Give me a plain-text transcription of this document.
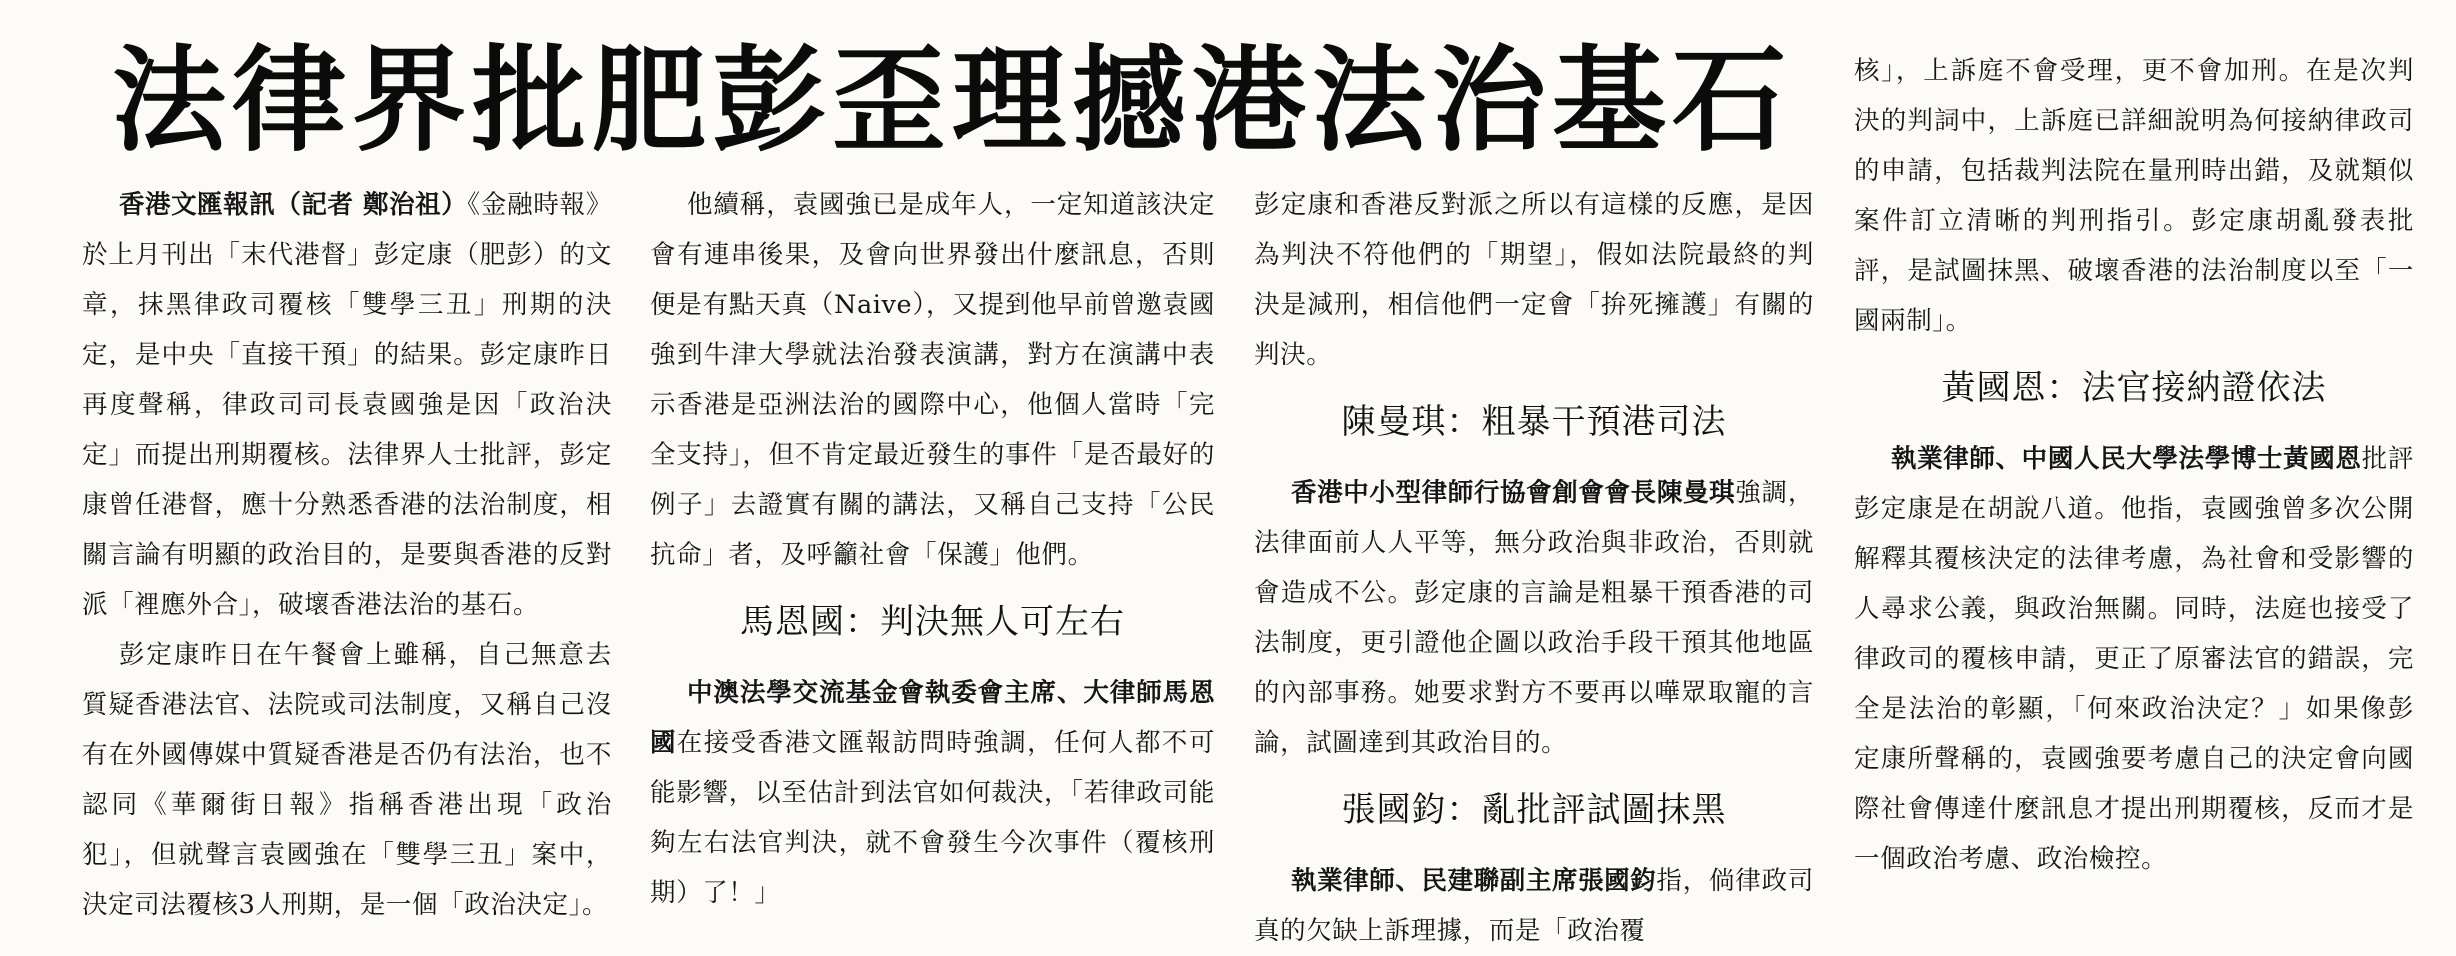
法律界批肥彭歪理撼港法治基石

香港文匯報訊（記者 鄭治祖）《金融時報》於上月刊出「末代港督」彭定康（肥彭）的文章，抹黑律政司覆核「雙學三丑」刑期的決定，是中央「直接干預」的結果。彭定康昨日再度聲稱，律政司司長袁國強是因「政治決定」而提出刑期覆核。法律界人士批評，彭定康曾任港督，應十分熟悉香港的法治制度，相關言論有明顯的政治目的，是要與香港的反對派「裡應外合」，破壞香港法治的基石。

彭定康昨日在午餐會上雖稱，自己無意去質疑香港法官、法院或司法制度，又稱自己沒有在外國傳媒中質疑香港是否仍有法治，也不認同《華爾街日報》指稱香港出現「政治犯」，但就聲言袁國強在「雙學三丑」案中，決定司法覆核3人刑期，是一個「政治決定」。

他續稱，袁國強已是成年人，一定知道該決定會有連串後果，及會向世界發出什麼訊息，否則便是有點天真（Naive），又提到他早前曾邀袁國強到牛津大學就法治發表演講，對方在演講中表示香港是亞洲法治的國際中心，他個人當時「完全支持」，但不肯定最近發生的事件「是否最好的例子」去證實有關的講法，又稱自己支持「公民抗命」者，及呼籲社會「保護」他們。

馬恩國：判決無人可左右

中澳法學交流基金會執委會主席、大律師馬恩國在接受香港文匯報訪問時強調，任何人都不可能影響，以至估計到法官如何裁決，「若律政司能夠左右法官判決，就不會發生今次事件（覆核刑期）了！」

彭定康和香港反對派之所以有這樣的反應，是因為判決不符他們的「期望」，假如法院最終的判決是減刑，相信他們一定會「拚死擁護」有關的判決。

陳曼琪：粗暴干預港司法

香港中小型律師行協會創會會長陳曼琪強調，法律面前人人平等，無分政治與非政治，否則就會造成不公。彭定康的言論是粗暴干預香港的司法制度，更引證他企圖以政治手段干預其他地區的內部事務。她要求對方不要再以嘩眾取寵的言論，試圖達到其政治目的。

張國鈞：亂批評試圖抹黑

執業律師、民建聯副主席張國鈞指，倘律政司真的欠缺上訴理據，而是「政治覆

核」，上訴庭不會受理，更不會加刑。在是次判決的判詞中，上訴庭已詳細說明為何接納律政司的申請，包括裁判法院在量刑時出錯，及就類似案件訂立清晰的判刑指引。彭定康胡亂發表批評，是試圖抹黑、破壞香港的法治制度以至「一國兩制」。

黃國恩：法官接納證依法

執業律師、中國人民大學法學博士黃國恩批評彭定康是在胡說八道。他指，袁國強曾多次公開解釋其覆核決定的法律考慮，為社會和受影響的人尋求公義，與政治無關。同時，法庭也接受了律政司的覆核申請，更正了原審法官的錯誤，完全是法治的彰顯，「何來政治決定？」如果像彭定康所聲稱的，袁國強要考慮自己的決定會向國際社會傳達什麼訊息才提出刑期覆核，反而才是一個政治考慮、政治檢控。
